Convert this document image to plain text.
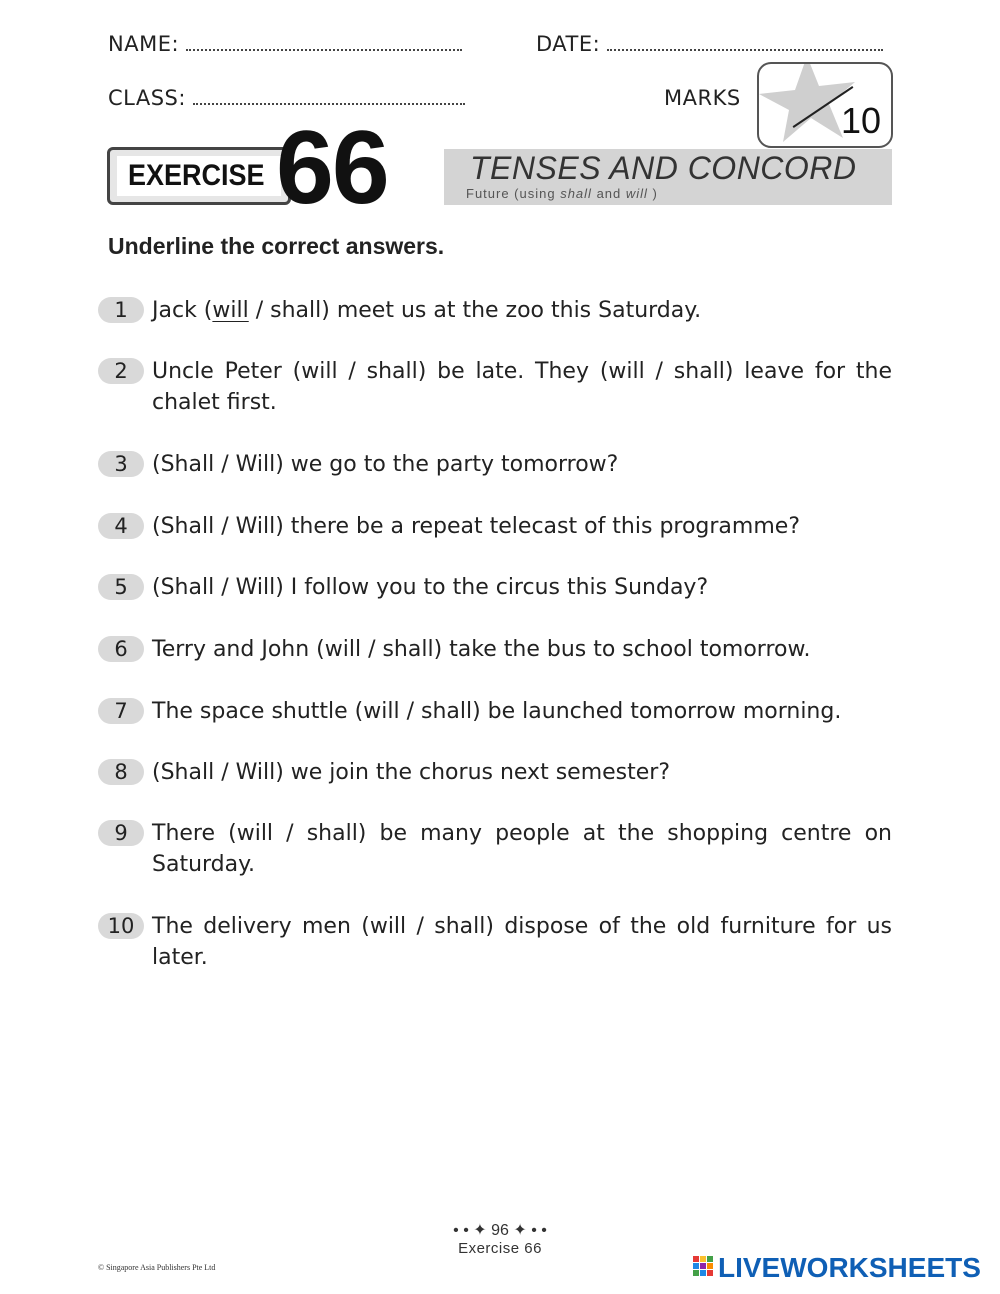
NAME:	DATE:
CLASS:	MARKS
10
EXERCISE 66	TENSES AND CONCORD
Future (using shall and will )
Underline the correct answers.
1	Jack (will / shall) meet us at the zoo this Saturday.
2	Uncle Peter (will / shall) be late. They (will / shall) leave for the chalet first.
3	(Shall / Will) we go to the party tomorrow?
4	(Shall / Will) there be a repeat telecast of this programme?
5	(Shall / Will) I follow you to the circus this Sunday?
6	Terry and John (will / shall) take the bus to school tomorrow.
7	The space shuttle (will / shall) be launched tomorrow morning.
8	(Shall / Will) we join the chorus next semester?
9	There (will / shall) be many people at the shopping centre on Saturday.
10 The delivery men (will / shall) dispose of the old furniture for us later.
• • ✦ 96 ✦ • •
Exercise 66
© Singapore Asia Publishers Pte Ltd	LIVEWORKSHEETS
